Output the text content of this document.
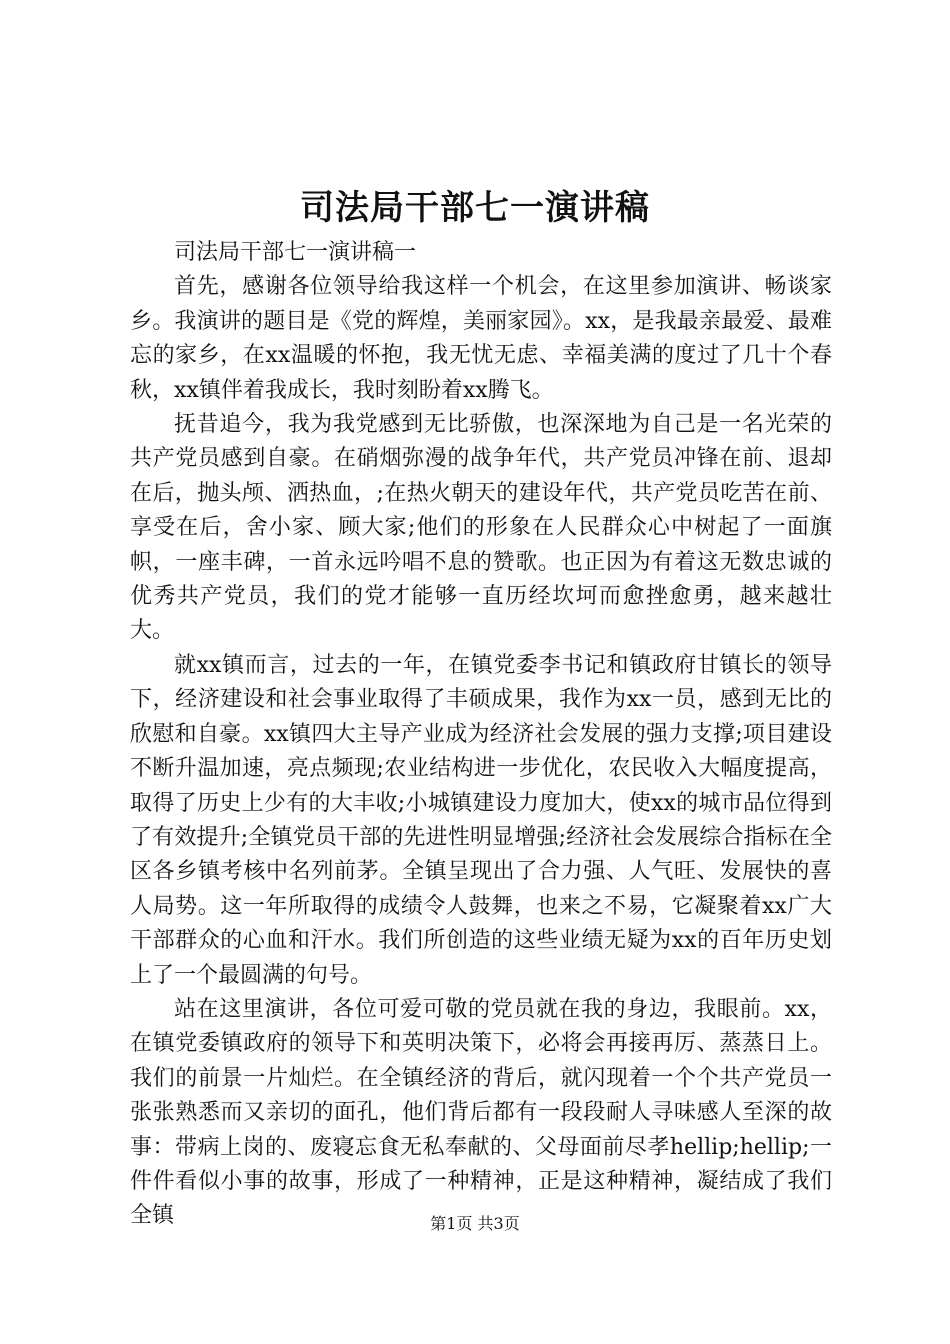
司法局干部七一演讲稿

司法局干部七一演讲稿一

首先，感谢各位领导给我这样一个机会，在这里参加演讲、畅谈家乡。我演讲的题目是《党的辉煌，美丽家园》。xx，是我最亲最爱、最难忘的家乡，在xx温暖的怀抱，我无忧无虑、幸福美满的度过了几十个春秋，xx镇伴着我成长，我时刻盼着xx腾飞。

抚昔追今，我为我党感到无比骄傲，也深深地为自己是一名光荣的共产党员感到自豪。在硝烟弥漫的战争年代，共产党员冲锋在前、退却在后，抛头颅、洒热血，;在热火朝天的建设年代，共产党员吃苦在前、享受在后，舍小家、顾大家;他们的形象在人民群众心中树起了一面旗帜，一座丰碑，一首永远吟唱不息的赞歌。也正因为有着这无数忠诚的优秀共产党员，我们的党才能够一直历经坎坷而愈挫愈勇，越来越壮大。

就xx镇而言，过去的一年，在镇党委李书记和镇政府甘镇长的领导下，经济建设和社会事业取得了丰硕成果，我作为xx一员，感到无比的欣慰和自豪。xx镇四大主导产业成为经济社会发展的强力支撑;项目建设不断升温加速，亮点频现;农业结构进一步优化，农民收入大幅度提高，取得了历史上少有的大丰收;小城镇建设力度加大，使xx的城市品位得到了有效提升;全镇党员干部的先进性明显增强;经济社会发展综合指标在全区各乡镇考核中名列前茅。全镇呈现出了合力强、人气旺、发展快的喜人局势。这一年所取得的成绩令人鼓舞，也来之不易，它凝聚着xx广大干部群众的心血和汗水。我们所创造的这些业绩无疑为xx的百年历史划上了一个最圆满的句号。

站在这里演讲，各位可爱可敬的党员就在我的身边，我眼前。xx，在镇党委镇政府的领导下和英明决策下，必将会再接再厉、蒸蒸日上。我们的前景一片灿烂。在全镇经济的背后，就闪现着一个个共产党员一张张熟悉而又亲切的面孔，他们背后都有一段段耐人寻味感人至深的故事：带病上岗的、废寝忘食无私奉献的、父母面前尽孝hellip;hellip;一件件看似小事的故事，形成了一种精神，正是这种精神，凝结成了我们全镇	第1页 共3页
